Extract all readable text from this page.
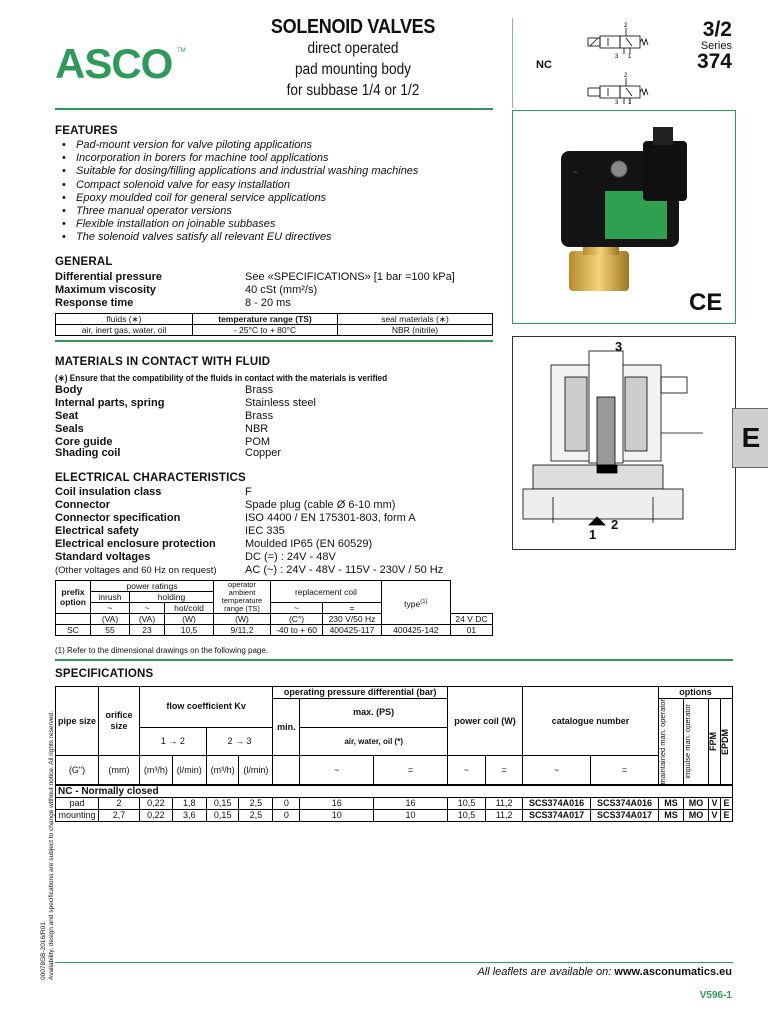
ASCO TM
SOLENOID VALVES
direct operated
pad mounting body
for subbase 1/4 or 1/2
NC
2
3 1
2
3 1
3/2
Series
374
FEATURES
• Pad-mount version for valve piloting applications
• Incorporation in borers for machine tool applications
• Suitable for dosing/filling applications and industrial washing machines
• Compact solenoid valve for easy installation
• Epoxy moulded coil for general service applications
• Three manual operator versions
• Flexible installation on joinable subbases
• The solenoid valves satisfy all relevant EU directives
CE
GENERAL
Differential pressure	See «SPECIFICATIONS» [1 bar =100 kPa]
Maximum viscosity	40 cSt (mm²/s)
Response time	8 - 20 ms
fluids (∗)	temperature range (TS)	seal materials (∗)
air, inert gas, water, oil	- 25°C to + 80°C	NBR (nitrile)
3
2
1
MATERIALS IN CONTACT WITH FLUID
(∗) Ensure that the compatibility of the fluids in contact with the materials is verified
Body	Brass
Internal parts, spring	Stainless steel
Seat	Brass
Seals	NBR
Core guide	POM
Shading coil	Copper	E
ELECTRICAL CHARACTERISTICS
Coil insulation class	F
Connector	Spade plug (cable Ø 6-10 mm)
Connector specification	ISO 4400 / EN 175301-803, form A
Electrical safety	IEC 335
Electrical enclosure protection	Moulded IP65 (EN 60529)
Standard voltages	DC (=) : 24V - 48V
(Other voltages and 60 Hz on request)	AC (~) : 24V - 48V - 115V - 230V / 50 Hz
prefix option	power ratings			operator ambient temperature range (TS)	replacement coil		type$^{(1)}$
	inrush	holding						
	~	~	hot/cold		~	=		
	(VA)	(VA)	(W)	(W)	(C°)	230 V/50 Hz		24 V DC
SC	55	23	10,5	9/11,2	-40 to + 60	400425-117	400425-142	01
(1) Refer to the dimensional drawings on the following page.
SPECIFICATIONS
pipe size	orifice size	flow coefficient Kv				operating pressure differential (bar)			power coil (W)		catalogue number		options			
						min.	max. (PS)						maintained man. operator	impulse man. operator	FPM	EPDM

		1 → 2		2 → 3			air, water, oil (*)									
(G")	(mm)	(m³/h)	(l/min)	(m³/h)	(l/min)		~	=	~	=	~	=				
NC - Normally closed																
pad	2	0,22	1,8	0,15	2,5	0	16	16	10,5	11,2	SCS374A016	SCS374A016	MS	MO	V	E
mounting	2,7	0,22	3,6	0,15	2,5	0	10	10	10,5	11,2	SCS374A017	SCS374A017	MS	MO	V	E
00078GB-2016/R01 Availability, design and specifications are subject to change without notice. All rights reserved.	All leaflets are available on: www.asconumatics.eu
V596-1
